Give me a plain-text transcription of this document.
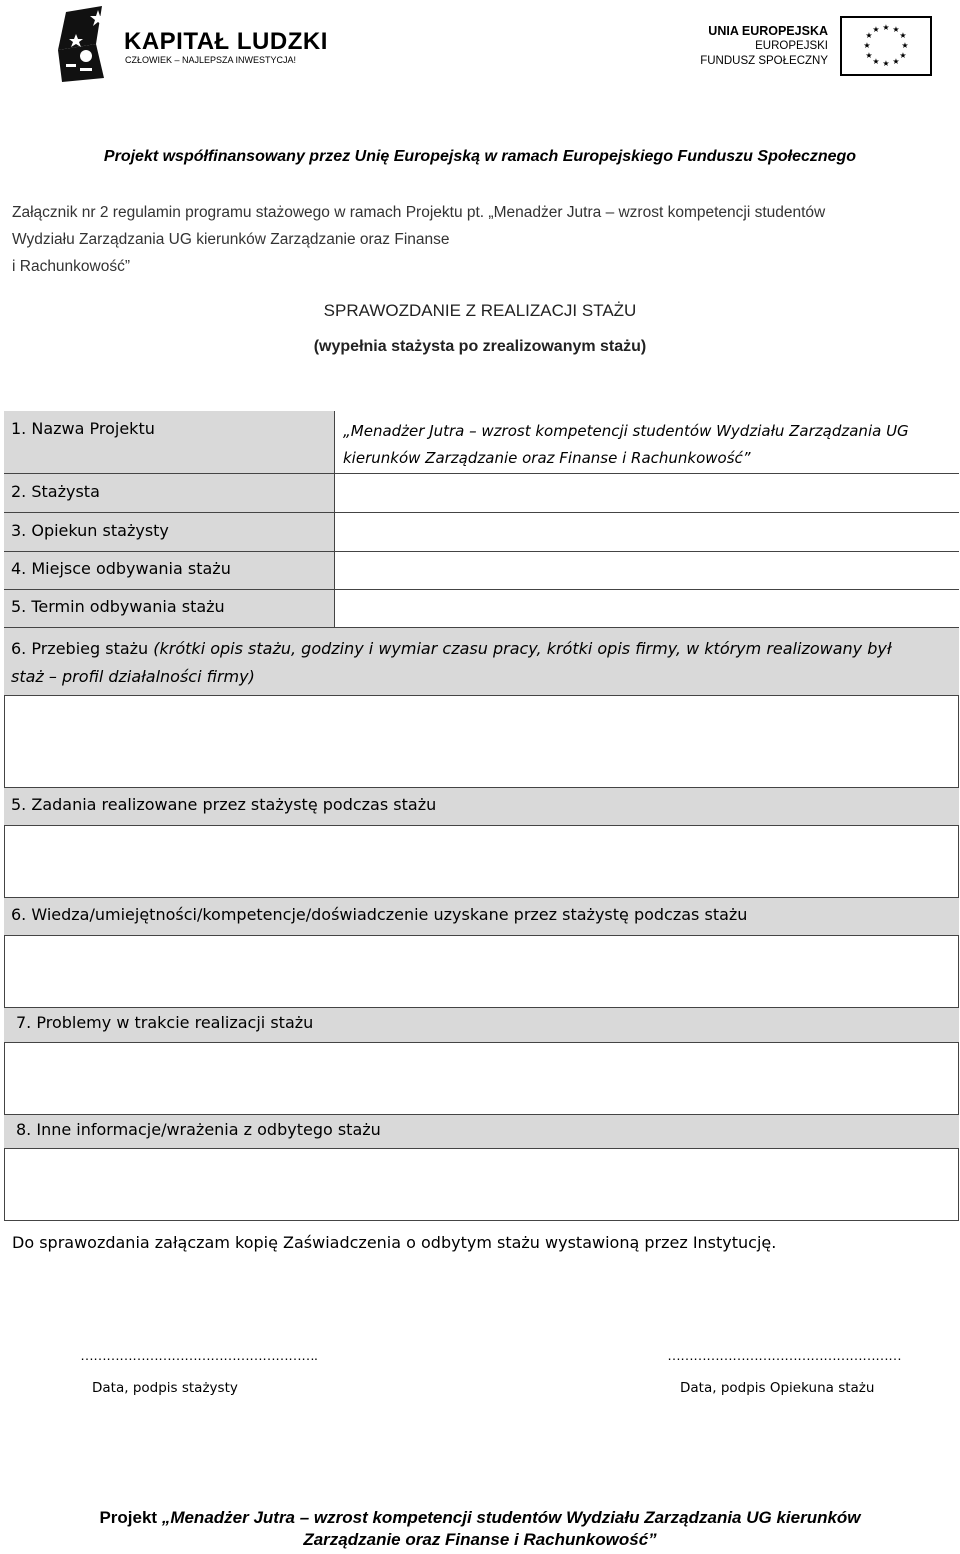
KAPITAŁ LUDZKI
CZŁOWIEK – NAJLEPSZA INWESTYCJA!
UNIA EUROPEJSKA
EUROPEJSKI
FUNDUSZ SPOŁECZNY
★ ★
★
★
★
★
★
★
★
★
★
★
Projekt współfinansowany przez Unię Europejską w ramach Europejskiego Funduszu Społecznego
Załącznik nr 2 regulamin programu stażowego w ramach Projektu pt. „Menadżer Jutra – wzrost kompetencji studentów
Wydziału Zarządzania UG kierunków Zarządzanie oraz Finanse
i Rachunkowość”
SPRAWOZDANIE Z REALIZACJI STAŻU
(wypełnia stażysta po zrealizowanym stażu)
1. Nazwa Projektu	„Menadżer Jutra – wzrost kompetencji studentów Wydziału Zarządzania UG
kierunków Zarządzanie oraz Finanse i Rachunkowość”
2. Stażysta
3. Opiekun stażysty
4. Miejsce odbywania stażu
5. Termin odbywania stażu
6. Przebieg stażu (krótki opis stażu, godziny i wymiar czasu pracy, krótki opis firmy, w którym realizowany był
staż – profil działalności firmy)
5. Zadania realizowane przez stażystę podczas stażu
6. Wiedza/umiejętności/kompetencje/doświadczenie uzyskane przez stażystę podczas stażu
7. Problemy w trakcie realizacji stażu
8. Inne informacje/wrażenia z odbytego stażu
Do sprawozdania załączam kopię Zaświadczenia o odbytym stażu wystawioną przez Instytucję.
……………………………………………….	………………………………………………
Data, podpis stażysty	Data, podpis Opiekuna stażu
Projekt „Menadżer Jutra – wzrost kompetencji studentów Wydziału Zarządzania UG kierunków
Zarządzanie oraz Finanse i Rachunkowość”
